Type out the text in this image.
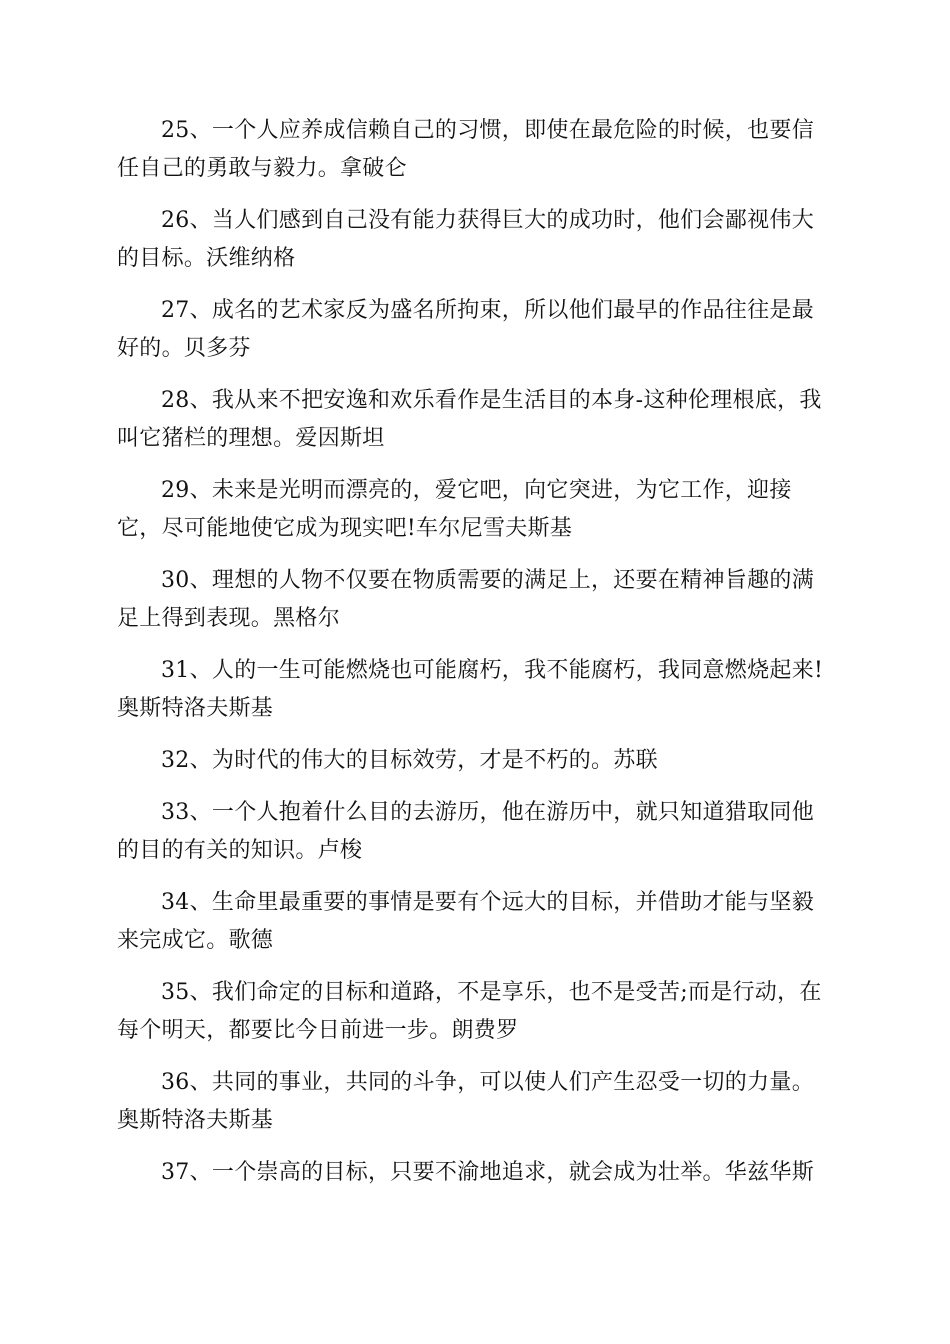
25、一个人应养成信赖自己的习惯，即使在最危险的时候，也要信任自己的勇敢与毅力。拿破仑

26、当人们感到自己没有能力获得巨大的成功时，他们会鄙视伟大的目标。沃维纳格

27、成名的艺术家反为盛名所拘束，所以他们最早的作品往往是最好的。贝多芬

28、我从来不把安逸和欢乐看作是生活目的本身-这种伦理根底，我叫它猪栏的理想。爱因斯坦

29、未来是光明而漂亮的，爱它吧，向它突进，为它工作，迎接它，尽可能地使它成为现实吧!车尔尼雪夫斯基

30、理想的人物不仅要在物质需要的满足上，还要在精神旨趣的满足上得到表现。黑格尔

31、人的一生可能燃烧也可能腐朽，我不能腐朽，我同意燃烧起来!奥斯特洛夫斯基

32、为时代的伟大的目标效劳，才是不朽的。苏联

33、一个人抱着什么目的去游历，他在游历中，就只知道猎取同他的目的有关的知识。卢梭

34、生命里最重要的事情是要有个远大的目标，并借助才能与坚毅来完成它。歌德

35、我们命定的目标和道路，不是享乐，也不是受苦;而是行动，在每个明天，都要比今日前进一步。朗费罗

36、共同的事业，共同的斗争，可以使人们产生忍受一切的力量。奥斯特洛夫斯基

37、一个崇高的目标，只要不渝地追求，就会成为壮举。华兹华斯
